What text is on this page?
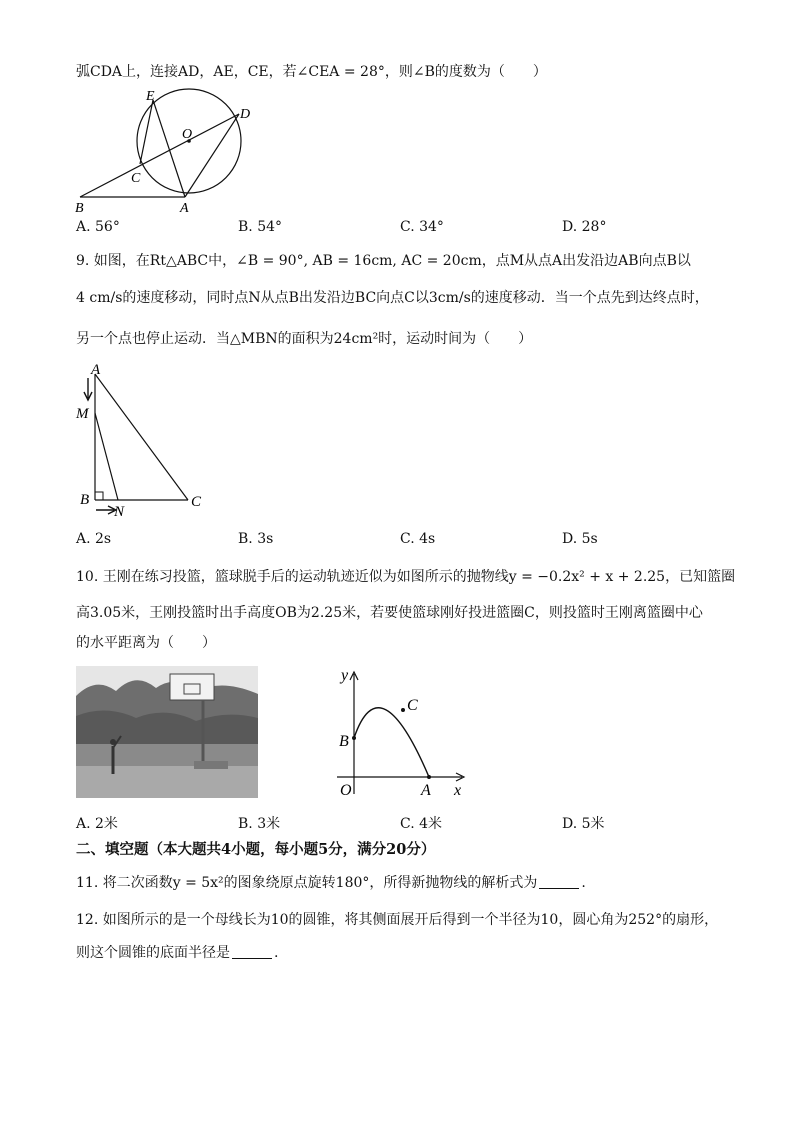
弧CDA上，连接AD，AE，CE，若∠CEA = 28°，则∠B的度数为（　　）
E
D
O
C
B	A
A. 56°	B. 54°	C. 34°	D. 28°
9. 如图，在Rt△ABC中，∠B = 90°, AB = 16cm, AC = 20cm，点M从点A出发沿边AB向点B以
4 cm/s的速度移动，同时点N从点B出发沿边BC向点C以3cm/s的速度移动．当一个点先到达终点时，
另一个点也停止运动．当△MBN的面积为24cm²时，运动时间为（　　）
A
M
B
N
C
A. 2s	B. 3s	C. 4s	D. 5s
10. 王刚在练习投篮，篮球脱手后的运动轨迹近似为如图所示的抛物线y = −0.2x² + x + 2.25，已知篮圈
高3.05米，王刚投篮时出手高度OB为2.25米，若要使篮球刚好投进篮圈C，则投篮时王刚离篮圈中心
的水平距离为（　　）
y
x
O	A
B
C
A. 2米	B. 3米	C. 4米	D. 5米
二、填空题（本大题共4小题，每小题5分，满分20分）
11. 将二次函数y = 5x²的图象绕原点旋转180°，所得新抛物线的解析式为	.
12. 如图所示的是一个母线长为10的圆锥，将其侧面展开后得到一个半径为10，圆心角为252°的扇形，
则这个圆锥的底面半径是	.
